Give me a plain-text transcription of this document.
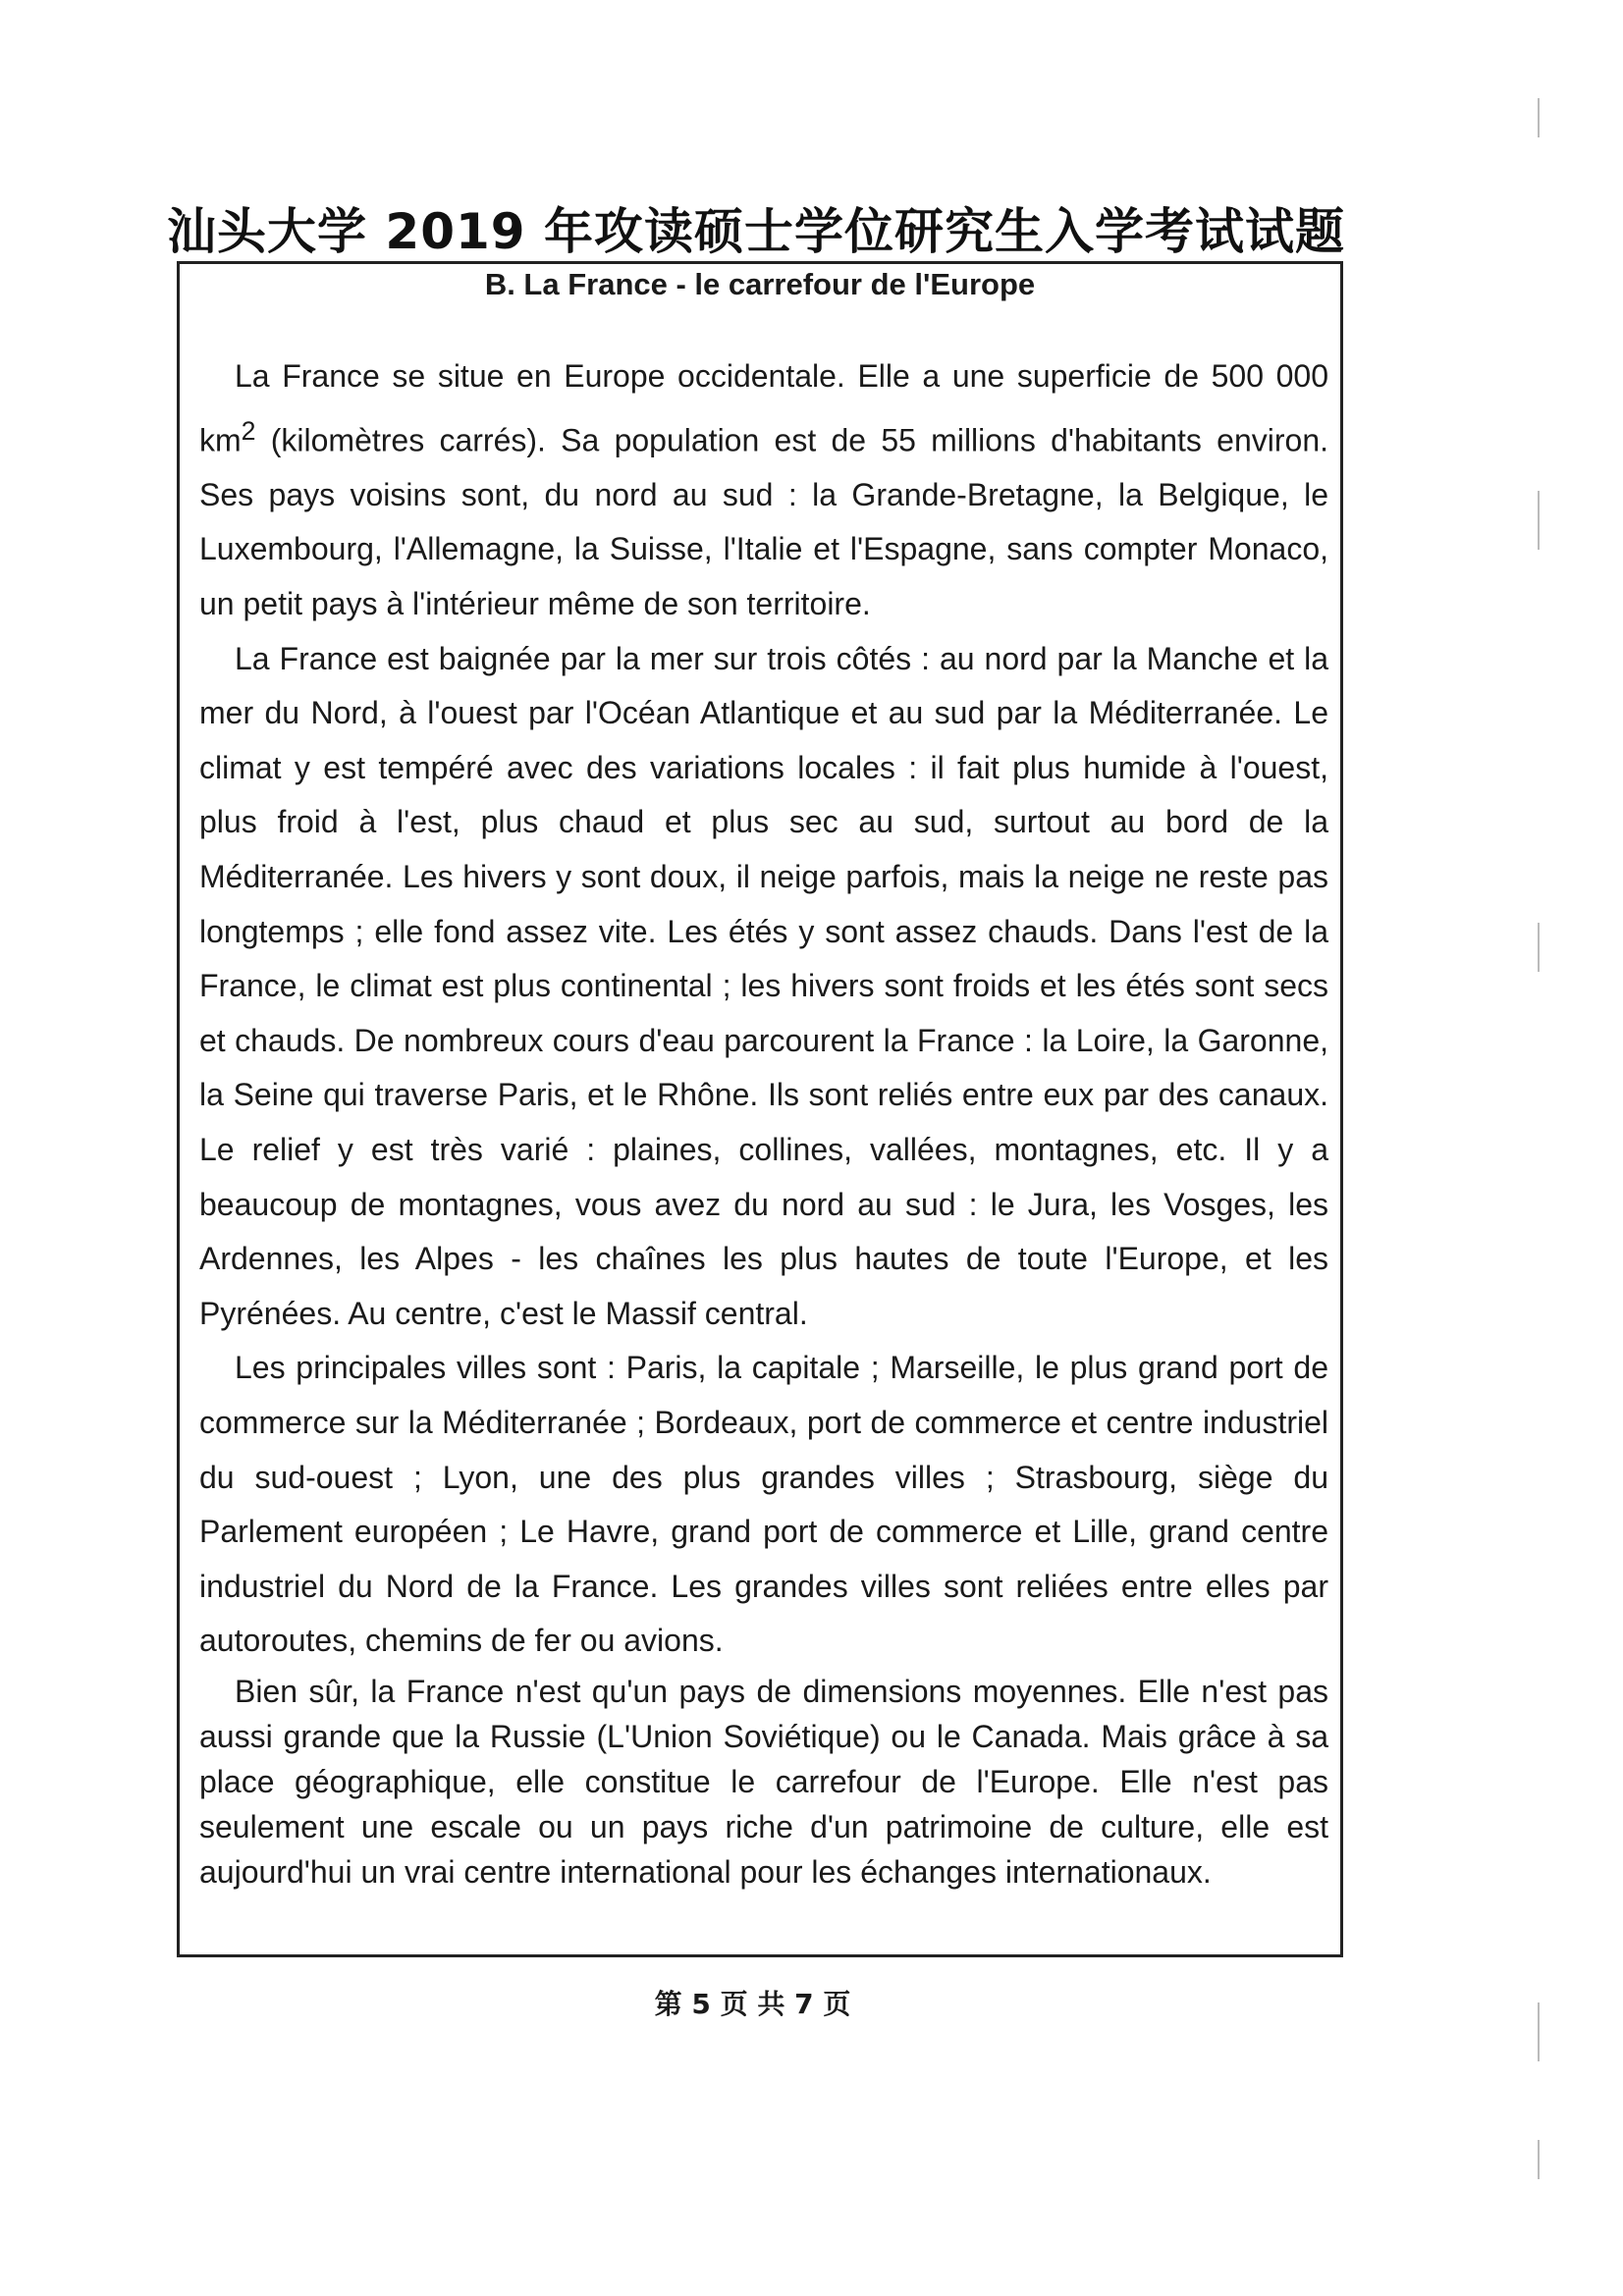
汕头大学 2019 年攻读硕士学位研究生入学考试试题
B. La France - le carrefour de l'Europe

La France se situe en Europe occidentale. Elle a une superficie de 500 000 $km^2$ (kilomètres carrés). Sa population est de 55 millions d'habitants environ. Ses pays voisins sont, du nord au sud : la Grande-Bretagne, la Belgique, le Luxembourg, l'Allemagne, la Suisse, l'Italie et l'Espagne, sans compter Monaco, un petit pays à l'intérieur même de son territoire.

La France est baignée par la mer sur trois côtés : au nord par la Manche et la mer du Nord, à l'ouest par l'Océan Atlantique et au sud par la Méditerranée. Le climat y est tempéré avec des variations locales : il fait plus humide à l'ouest, plus froid à l'est, plus chaud et plus sec au sud, surtout au bord de la Méditerranée. Les hivers y sont doux, il neige parfois, mais la neige ne reste pas longtemps ; elle fond assez vite. Les étés y sont assez chauds. Dans l'est de la France, le climat est plus continental ; les hivers sont froids et les étés sont secs et chauds. De nombreux cours d'eau parcourent la France : la Loire, la Garonne, la Seine qui traverse Paris, et le Rhône. Ils sont reliés entre eux par des canaux. Le relief y est très varié : plaines, collines, vallées, montagnes, etc. Il y a beaucoup de montagnes, vous avez du nord au sud : le Jura, les Vosges, les Ardennes, les Alpes - les chaînes les plus hautes de toute l'Europe, et les Pyrénées. Au centre, c'est le Massif central.

Les principales villes sont : Paris, la capitale ; Marseille, le plus grand port de commerce sur la Méditerranée ; Bordeaux, port de commerce et centre industriel du sud-ouest ; Lyon, une des plus grandes villes ; Strasbourg, siège du Parlement européen ; Le Havre, grand port de commerce et Lille, grand centre industriel du Nord de la France. Les grandes villes sont reliées entre elles par autoroutes, chemins de fer ou avions.

Bien sûr, la France n'est qu'un pays de dimensions moyennes. Elle n'est pas aussi grande que la Russie (L'Union Soviétique) ou le Canada. Mais grâce à sa place géographique, elle constitue le carrefour de l'Europe. Elle n'est pas seulement une escale ou un pays riche d'un patrimoine de culture, elle est aujourd'hui un vrai centre international pour les échanges internationaux.

第 5 页 共 7 页
